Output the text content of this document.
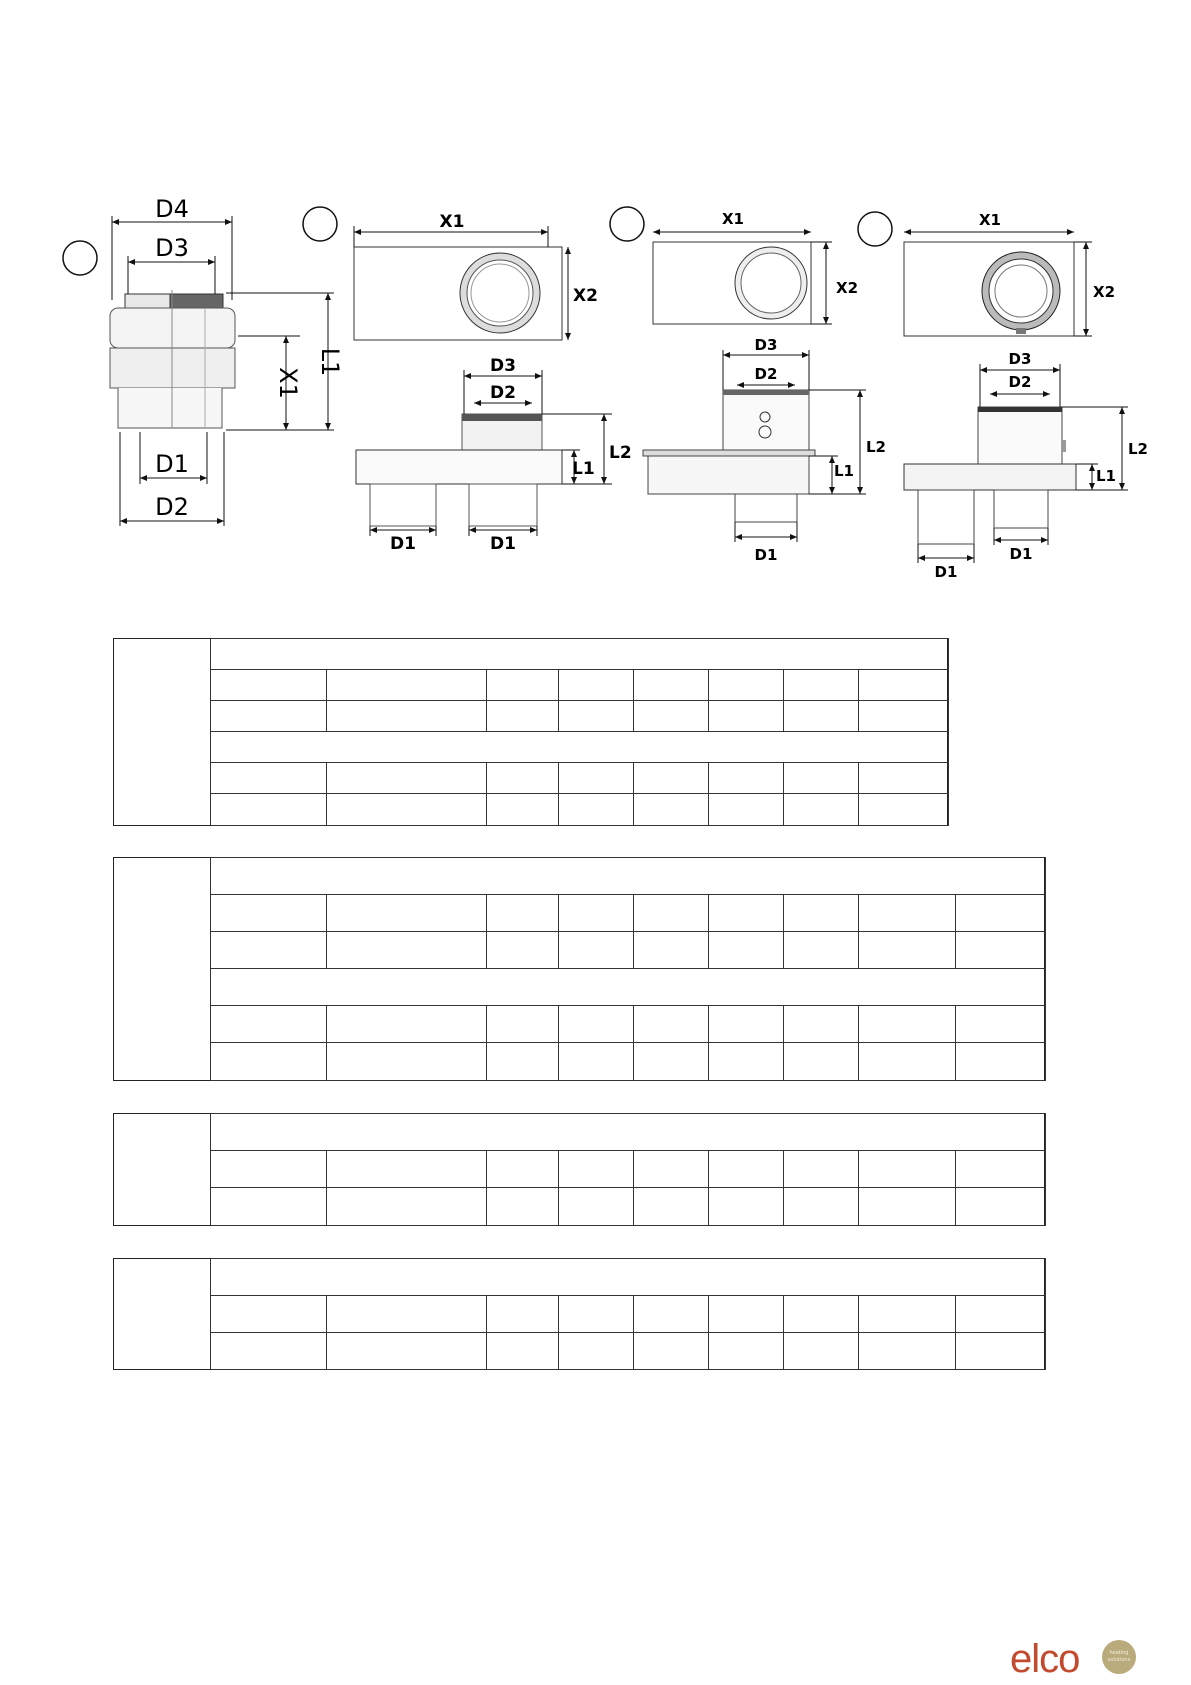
D4
D3
D1
D2
X1
L1
X1
X2
D3
D2
L2
L1
D1	D1
X1
X2
D3
D2
L2
L1
D1
X1
X2
D3
D2
L2
L1
D1
D1

elco	heating solutions
